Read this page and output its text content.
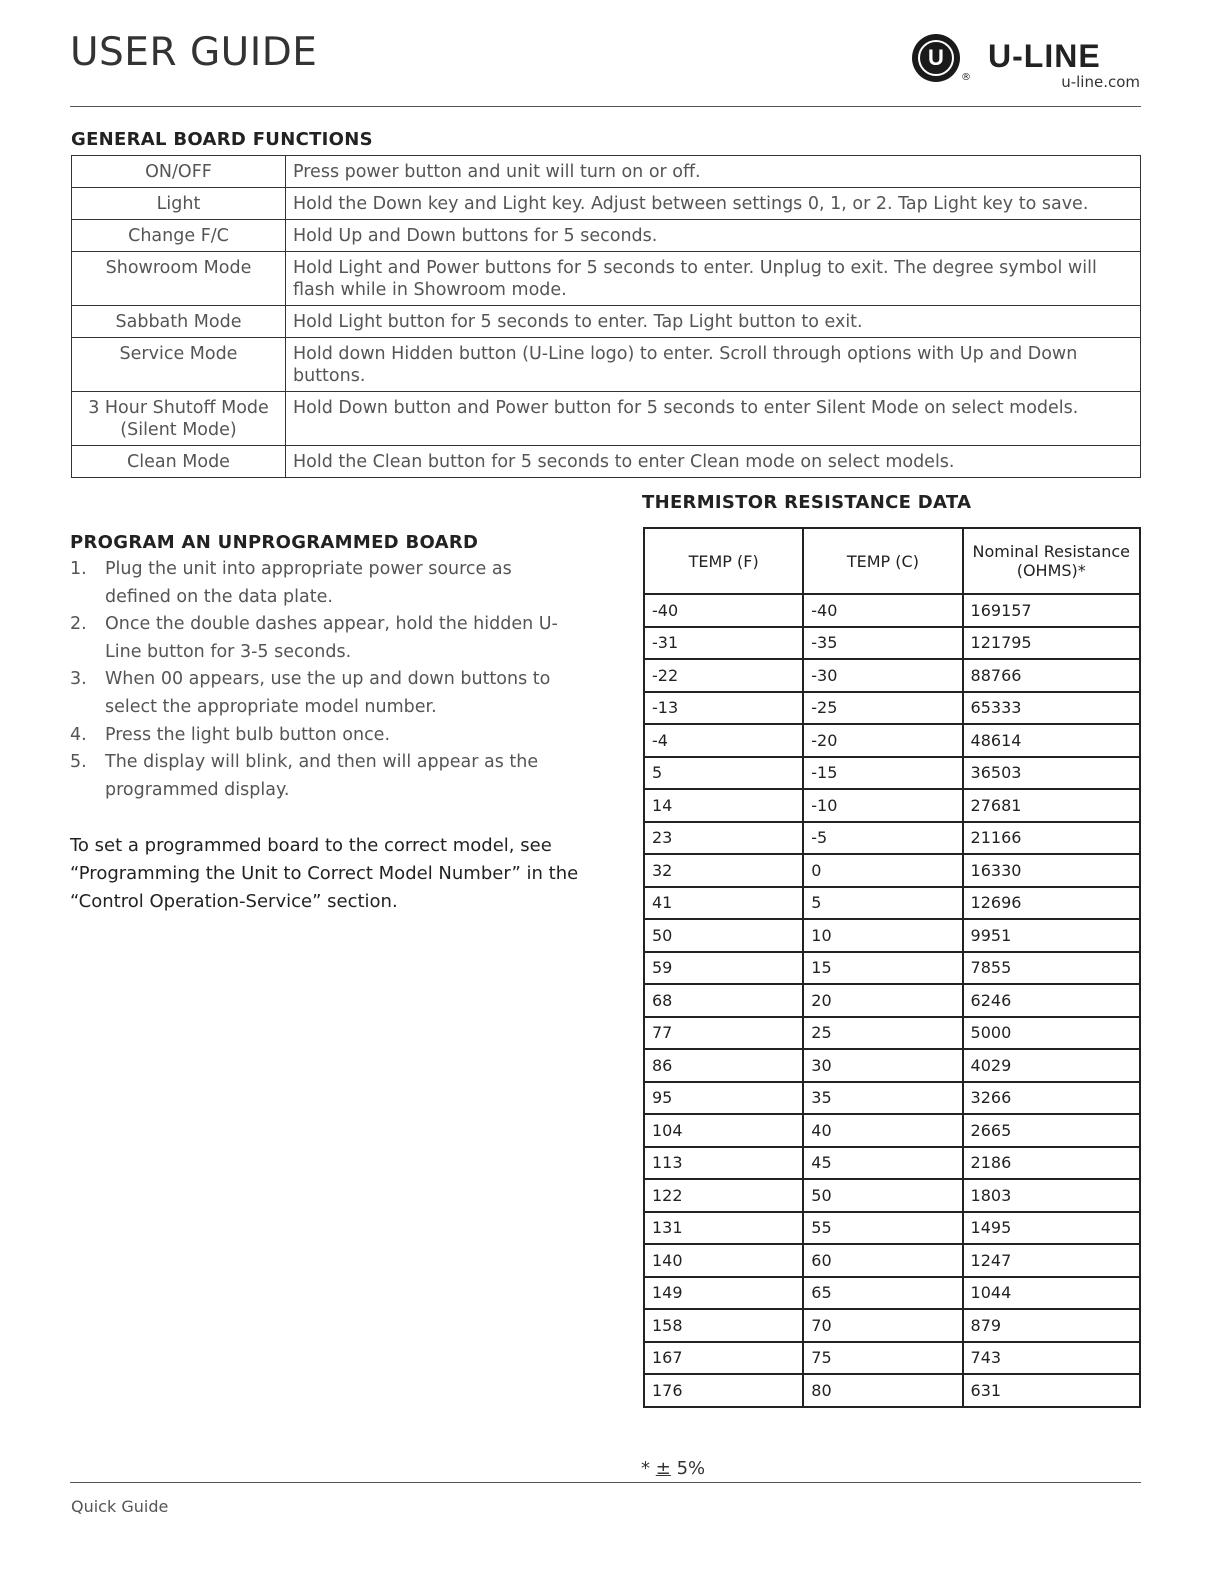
USER GUIDE	U
®
U-LINE
u-line.com
GENERAL BOARD FUNCTIONS
ON/OFF	Press power button and unit will turn on or off.
Light	Hold the Down key and Light key. Adjust between settings 0, 1, or 2. Tap Light key to save.
Change F/C	Hold Up and Down buttons for 5 seconds.
Showroom Mode	Hold Light and Power buttons for 5 seconds to enter. Unplug to exit. The degree symbol will flash while in Showroom mode.
Sabbath Mode	Hold Light button for 5 seconds to enter. Tap Light button to exit.
Service Mode	Hold down Hidden button (U-Line logo) to enter. Scroll through options with Up and Down buttons.
3 Hour Shutoff Mode (Silent Mode)	Hold Down button and Power button for 5 seconds to enter Silent Mode on select models.
Clean Mode	Hold the Clean button for 5 seconds to enter Clean mode on select models.
PROGRAM AN UNPROGRAMMED BOARD
1. Plug the unit into appropriate power source as defined on the data plate.
2. Once the double dashes appear, hold the hidden U-Line button for 3-5 seconds.
3. When 00 appears, use the up and down buttons to select the appropriate model number.
4. Press the light bulb button once.
5. The display will blink, and then will appear as the programmed display.
To set a programmed board to the correct model, see “Programming the Unit to Correct Model Number” in the “Control Operation-Service” section.
THERMISTOR RESISTANCE DATA
TEMP (F)	TEMP (C)	Nominal Resistance (OHMS)*
-40	-40	169157
-31	-35	121795
-22	-30	88766
-13	-25	65333
-4	-20	48614
5	-15	36503
14	-10	27681
23	-5	21166
32	0	16330
41	5	12696
50	10	9951
59	15	7855
68	20	6246
77	25	5000
86	30	4029
95	35	3266
104	40	2665
113	45	2186
122	50	1803
131	55	1495
140	60	1247
149	65	1044
158	70	879
167	75	743
176	80	631
* ± 5%
Quick Guide
